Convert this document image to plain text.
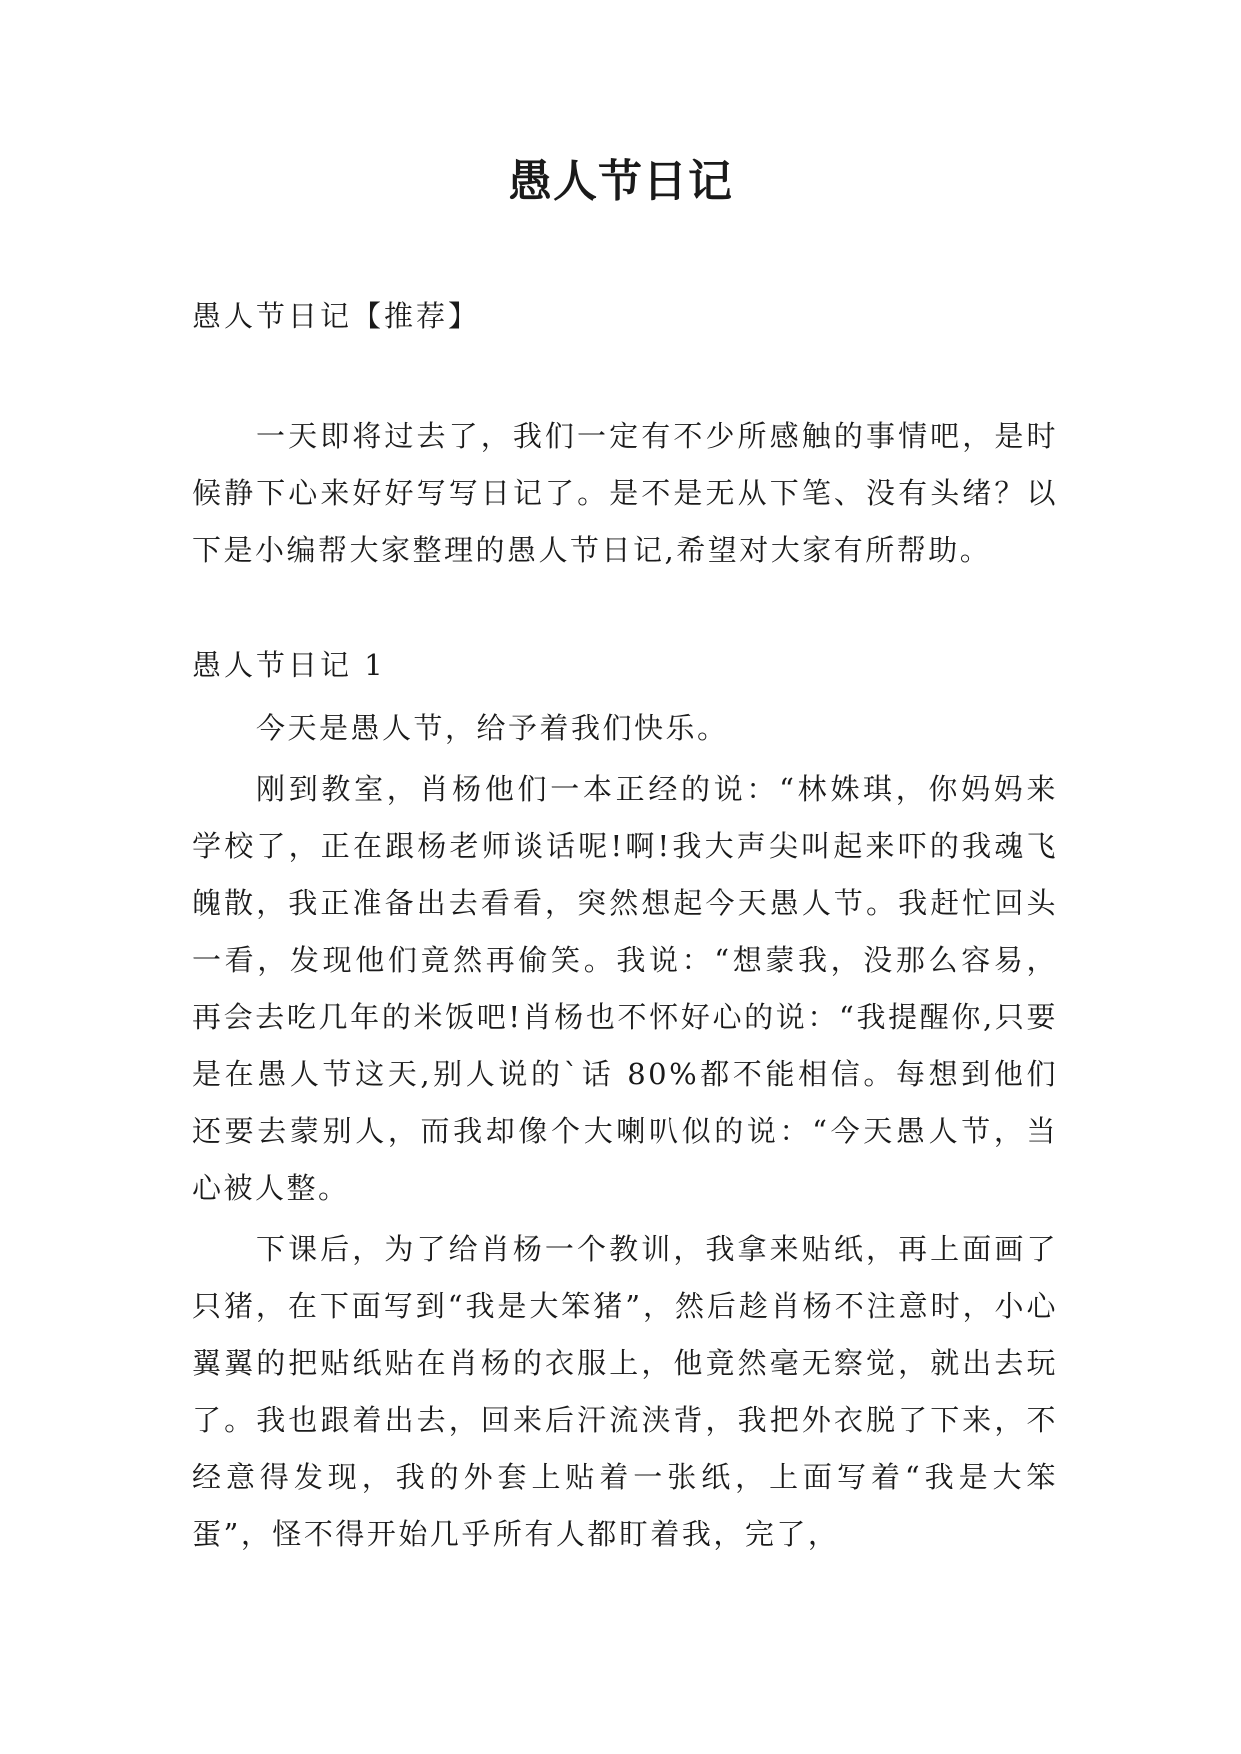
愚人节日记

愚人节日记【推荐】

一天即将过去了，我们一定有不少所感触的事情吧，是时候静下心来好好写写日记了。是不是无从下笔、没有头绪？以下是小编帮大家整理的愚人节日记,希望对大家有所帮助。

愚人节日记 1

今天是愚人节，给予着我们快乐。

刚到教室，肖杨他们一本正经的说：“林姝琪，你妈妈来学校了，正在跟杨老师谈话呢!啊!我大声尖叫起来吓的我魂飞魄散，我正准备出去看看，突然想起今天愚人节。我赶忙回头一看，发现他们竟然再偷笑。我说：“想蒙我，没那么容易，再会去吃几年的米饭吧!肖杨也不怀好心的说：“我提醒你,只要是在愚人节这天,别人说的`话 80%都不能相信。每想到他们还要去蒙别人，而我却像个大喇叭似的说：“今天愚人节，当心被人整。

下课后，为了给肖杨一个教训，我拿来贴纸，再上面画了只猪，在下面写到“我是大笨猪”，然后趁肖杨不注意时，小心翼翼的把贴纸贴在肖杨的衣服上，他竟然毫无察觉，就出去玩了。我也跟着出去，回来后汗流浃背，我把外衣脱了下来，不经意得发现，我的外套上贴着一张纸，上面写着“我是大笨蛋”，怪不得开始几乎所有人都盯着我，完了，
